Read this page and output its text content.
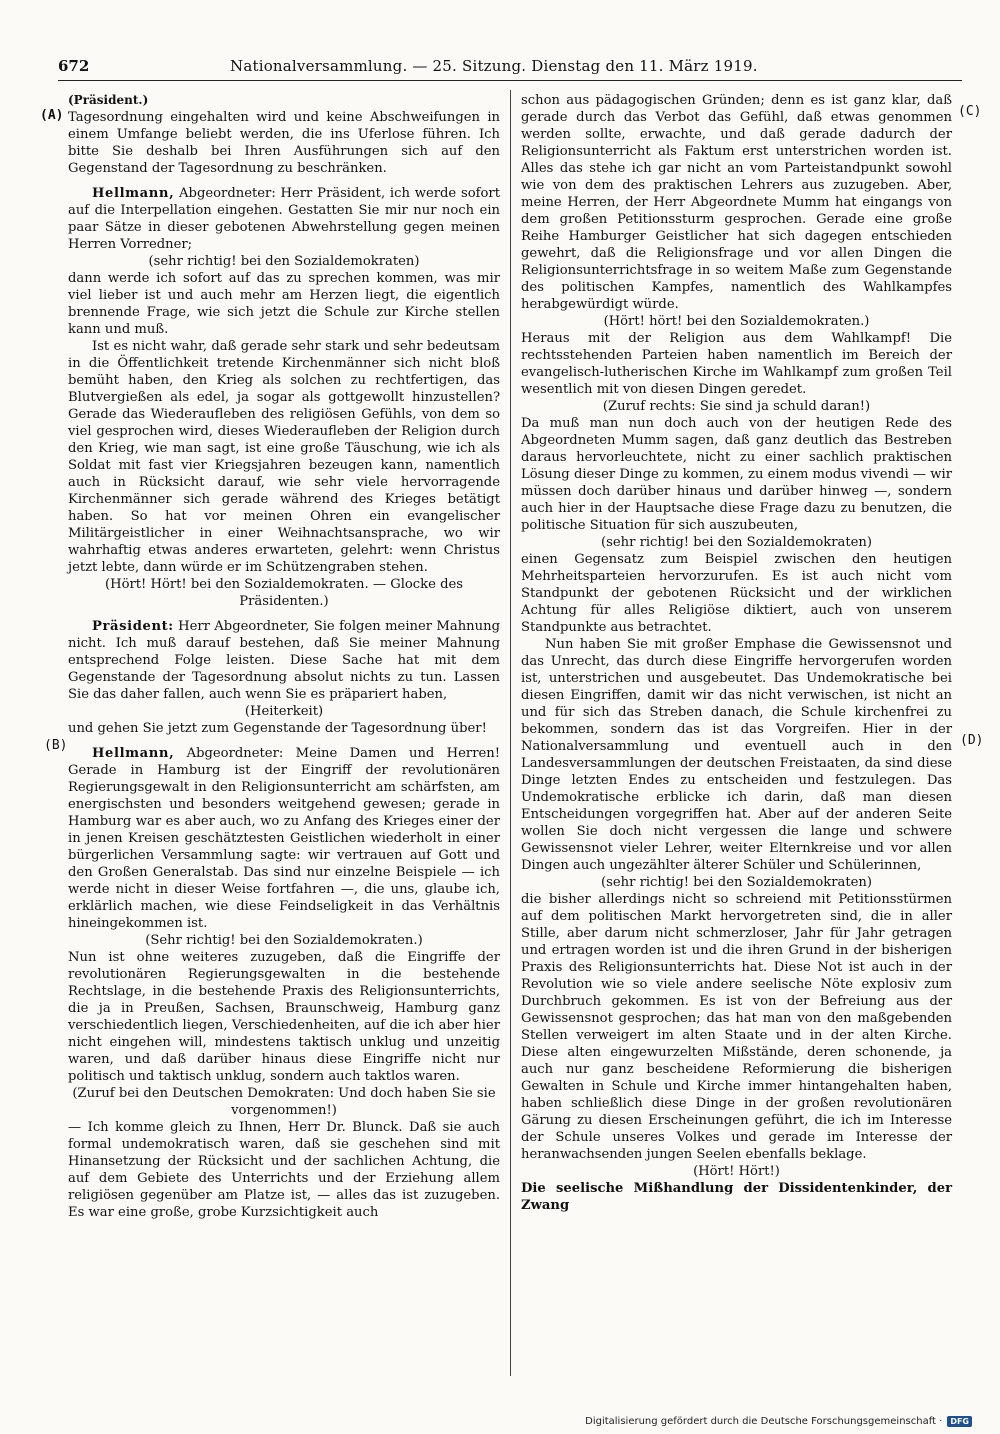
672	Nationalversammlung. — 25. Sitzung. Dienstag den 11. März 1919.
(A)
(B)
(C)
(D)

(Präsident.)

Tagesordnung eingehalten wird und keine Abschweifungen in einem Umfange beliebt werden, die ins Uferlose führen. Ich bitte Sie deshalb bei Ihren Ausführungen sich auf den Gegenstand der Tagesordnung zu beschränken.

Hellmann, Abgeordneter: Herr Präsident, ich werde sofort auf die Interpellation eingehen. Gestatten Sie mir nur noch ein paar Sätze in dieser gebotenen Abwehrstellung gegen meinen Herren Vorredner;

(sehr richtig! bei den Sozialdemokraten)

dann werde ich sofort auf das zu sprechen kommen, was mir viel lieber ist und auch mehr am Herzen liegt, die eigentlich brennende Frage, wie sich jetzt die Schule zur Kirche stellen kann und muß.

Ist es nicht wahr, daß gerade sehr stark und sehr bedeutsam in die Öffentlichkeit tretende Kirchenmänner sich nicht bloß bemüht haben, den Krieg als solchen zu rechtfertigen, das Blutvergießen als edel, ja sogar als gottgewollt hinzustellen? Gerade das Wiederaufleben des religiösen Gefühls, von dem so viel gesprochen wird, dieses Wiederaufleben der Religion durch den Krieg, wie man sagt, ist eine große Täuschung, wie ich als Soldat mit fast vier Kriegsjahren bezeugen kann, namentlich auch in Rücksicht darauf, wie sehr viele hervorragende Kirchenmänner sich gerade während des Krieges betätigt haben. So hat vor meinen Ohren ein evangelischer Militärgeistlicher in einer Weihnachtsansprache, wo wir wahrhaftig etwas anderes erwarteten, gelehrt: wenn Christus jetzt lebte, dann würde er im Schützengraben stehen.

(Hört! Hört! bei den Sozialdemokraten. — Glocke des Präsidenten.)

Präsident: Herr Abgeordneter, Sie folgen meiner Mahnung nicht. Ich muß darauf bestehen, daß Sie meiner Mahnung entsprechend Folge leisten. Diese Sache hat mit dem Gegenstande der Tagesordnung absolut nichts zu tun. Lassen Sie das daher fallen, auch wenn Sie es präpariert haben,

(Heiterkeit)

und gehen Sie jetzt zum Gegenstande der Tagesordnung über!

Hellmann, Abgeordneter: Meine Damen und Herren! Gerade in Hamburg ist der Eingriff der revolutionären Regierungsgewalt in den Religionsunterricht am schärfsten, am energischsten und besonders weitgehend gewesen; gerade in Hamburg war es aber auch, wo zu Anfang des Krieges einer der in jenen Kreisen geschätztesten Geistlichen wiederholt in einer bürgerlichen Versammlung sagte: wir vertrauen auf Gott und den Großen Generalstab. Das sind nur einzelne Beispiele — ich werde nicht in dieser Weise fortfahren —, die uns, glaube ich, erklärlich machen, wie diese Feindseligkeit in das Verhältnis hineingekommen ist.

(Sehr richtig! bei den Sozialdemokraten.)

Nun ist ohne weiteres zuzugeben, daß die Eingriffe der revolutionären Regierungsgewalten in die bestehende Rechtslage, in die bestehende Praxis des Religionsunterrichts, die ja in Preußen, Sachsen, Braunschweig, Hamburg ganz verschiedentlich liegen, Verschiedenheiten, auf die ich aber hier nicht eingehen will, mindestens taktisch unklug und unzeitig waren, und daß darüber hinaus diese Eingriffe nicht nur politisch und taktisch unklug, sondern auch taktlos waren.

(Zuruf bei den Deutschen Demokraten: Und doch haben Sie sie vorgenommen!)

— Ich komme gleich zu Ihnen, Herr Dr. Blunck. Daß sie auch formal undemokratisch waren, daß sie geschehen sind mit Hinansetzung der Rücksicht und der sachlichen Achtung, die auf dem Gebiete des Unterrichts und der Erziehung allem religiösen gegenüber am Platze ist, — alles das ist zuzugeben. Es war eine große, grobe Kurzsichtigkeit auch

schon aus pädagogischen Gründen; denn es ist ganz klar, daß gerade durch das Verbot das Gefühl, daß etwas genommen werden sollte, erwachte, und daß gerade dadurch der Religionsunterricht als Faktum erst unterstrichen worden ist. Alles das stehe ich gar nicht an vom Parteistandpunkt sowohl wie von dem des praktischen Lehrers aus zuzugeben. Aber, meine Herren, der Herr Abgeordnete Mumm hat eingangs von dem großen Petitionssturm gesprochen. Gerade eine große Reihe Hamburger Geistlicher hat sich dagegen entschieden gewehrt, daß die Religionsfrage und vor allen Dingen die Religionsunterrichtsfrage in so weitem Maße zum Gegenstande des politischen Kampfes, namentlich des Wahlkampfes herabgewürdigt würde.

(Hört! hört! bei den Sozialdemokraten.)

Heraus mit der Religion aus dem Wahlkampf! Die rechtsstehenden Parteien haben namentlich im Bereich der evangelisch-lutherischen Kirche im Wahlkampf zum großen Teil wesentlich mit von diesen Dingen geredet.

(Zuruf rechts: Sie sind ja schuld daran!)

Da muß man nun doch auch von der heutigen Rede des Abgeordneten Mumm sagen, daß ganz deutlich das Bestreben daraus hervorleuchtete, nicht zu einer sachlich praktischen Lösung dieser Dinge zu kommen, zu einem modus vivendi — wir müssen doch darüber hinaus und darüber hinweg —, sondern auch hier in der Hauptsache diese Frage dazu zu benutzen, die politische Situation für sich auszubeuten,

(sehr richtig! bei den Sozialdemokraten)

einen Gegensatz zum Beispiel zwischen den heutigen Mehrheitsparteien hervorzurufen. Es ist auch nicht vom Standpunkt der gebotenen Rücksicht und der wirklichen Achtung für alles Religiöse diktiert, auch von unserem Standpunkte aus betrachtet.

Nun haben Sie mit großer Emphase die Gewissensnot und das Unrecht, das durch diese Eingriffe hervorgerufen worden ist, unterstrichen und ausgebeutet. Das Undemokratische bei diesen Eingriffen, damit wir das nicht verwischen, ist nicht an und für sich das Streben danach, die Schule kirchenfrei zu bekommen, sondern das ist das Vorgreifen. Hier in der Nationalversammlung und eventuell auch in den Landesversammlungen der deutschen Freistaaten, da sind diese Dinge letzten Endes zu entscheiden und festzulegen. Das Undemokratische erblicke ich darin, daß man diesen Entscheidungen vorgegriffen hat. Aber auf der anderen Seite wollen Sie doch nicht vergessen die lange und schwere Gewissensnot vieler Lehrer, weiter Elternkreise und vor allen Dingen auch ungezählter älterer Schüler und Schülerinnen,

(sehr richtig! bei den Sozialdemokraten)

die bisher allerdings nicht so schreiend mit Petitionsstürmen auf dem politischen Markt hervorgetreten sind, die in aller Stille, aber darum nicht schmerzloser, Jahr für Jahr getragen und ertragen worden ist und die ihren Grund in der bisherigen Praxis des Religionsunterrichts hat. Diese Not ist auch in der Revolution wie so viele andere seelische Nöte explosiv zum Durchbruch gekommen. Es ist von der Befreiung aus der Gewissensnot gesprochen; das hat man von den maßgebenden Stellen verweigert im alten Staate und in der alten Kirche. Diese alten eingewurzelten Mißstände, deren schonende, ja auch nur ganz bescheidene Reformierung die bisherigen Gewalten in Schule und Kirche immer hintangehalten haben, haben schließlich diese Dinge in der großen revolutionären Gärung zu diesen Erscheinungen geführt, die ich im Interesse der Schule unseres Volkes und gerade im Interesse der heranwachsenden jungen Seelen ebenfalls beklage.

(Hört! Hört!)

Die seelische Mißhandlung der Dissidentenkinder, der Zwang

Digitalisierung gefördert durch die Deutsche Forschungsgemeinschaft ·	DFG
